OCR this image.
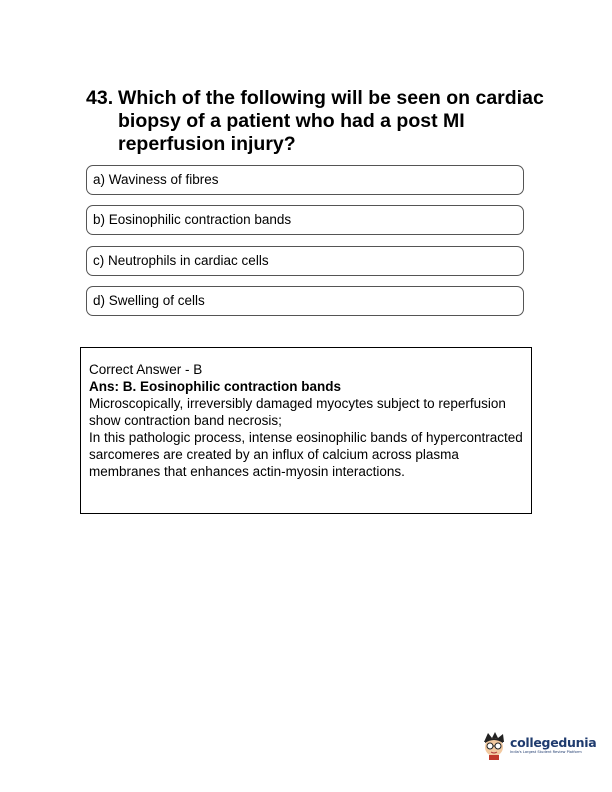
43. Which of the following will be seen on cardiac biopsy of a patient who had a post MI reperfusion injury?
a) Waviness of fibres
b) Eosinophilic contraction bands
c) Neutrophils in cardiac cells
d) Swelling of cells
Correct Answer - B
Ans: B. Eosinophilic contraction bands
Microscopically, irreversibly damaged myocytes subject to reperfusion show contraction band necrosis;
In this pathologic process, intense eosinophilic bands of hypercontracted sarcomeres are created by an influx of calcium across plasma membranes that enhances actin-myosin interactions.
collegedunia
India's Largest Student Review Platform
